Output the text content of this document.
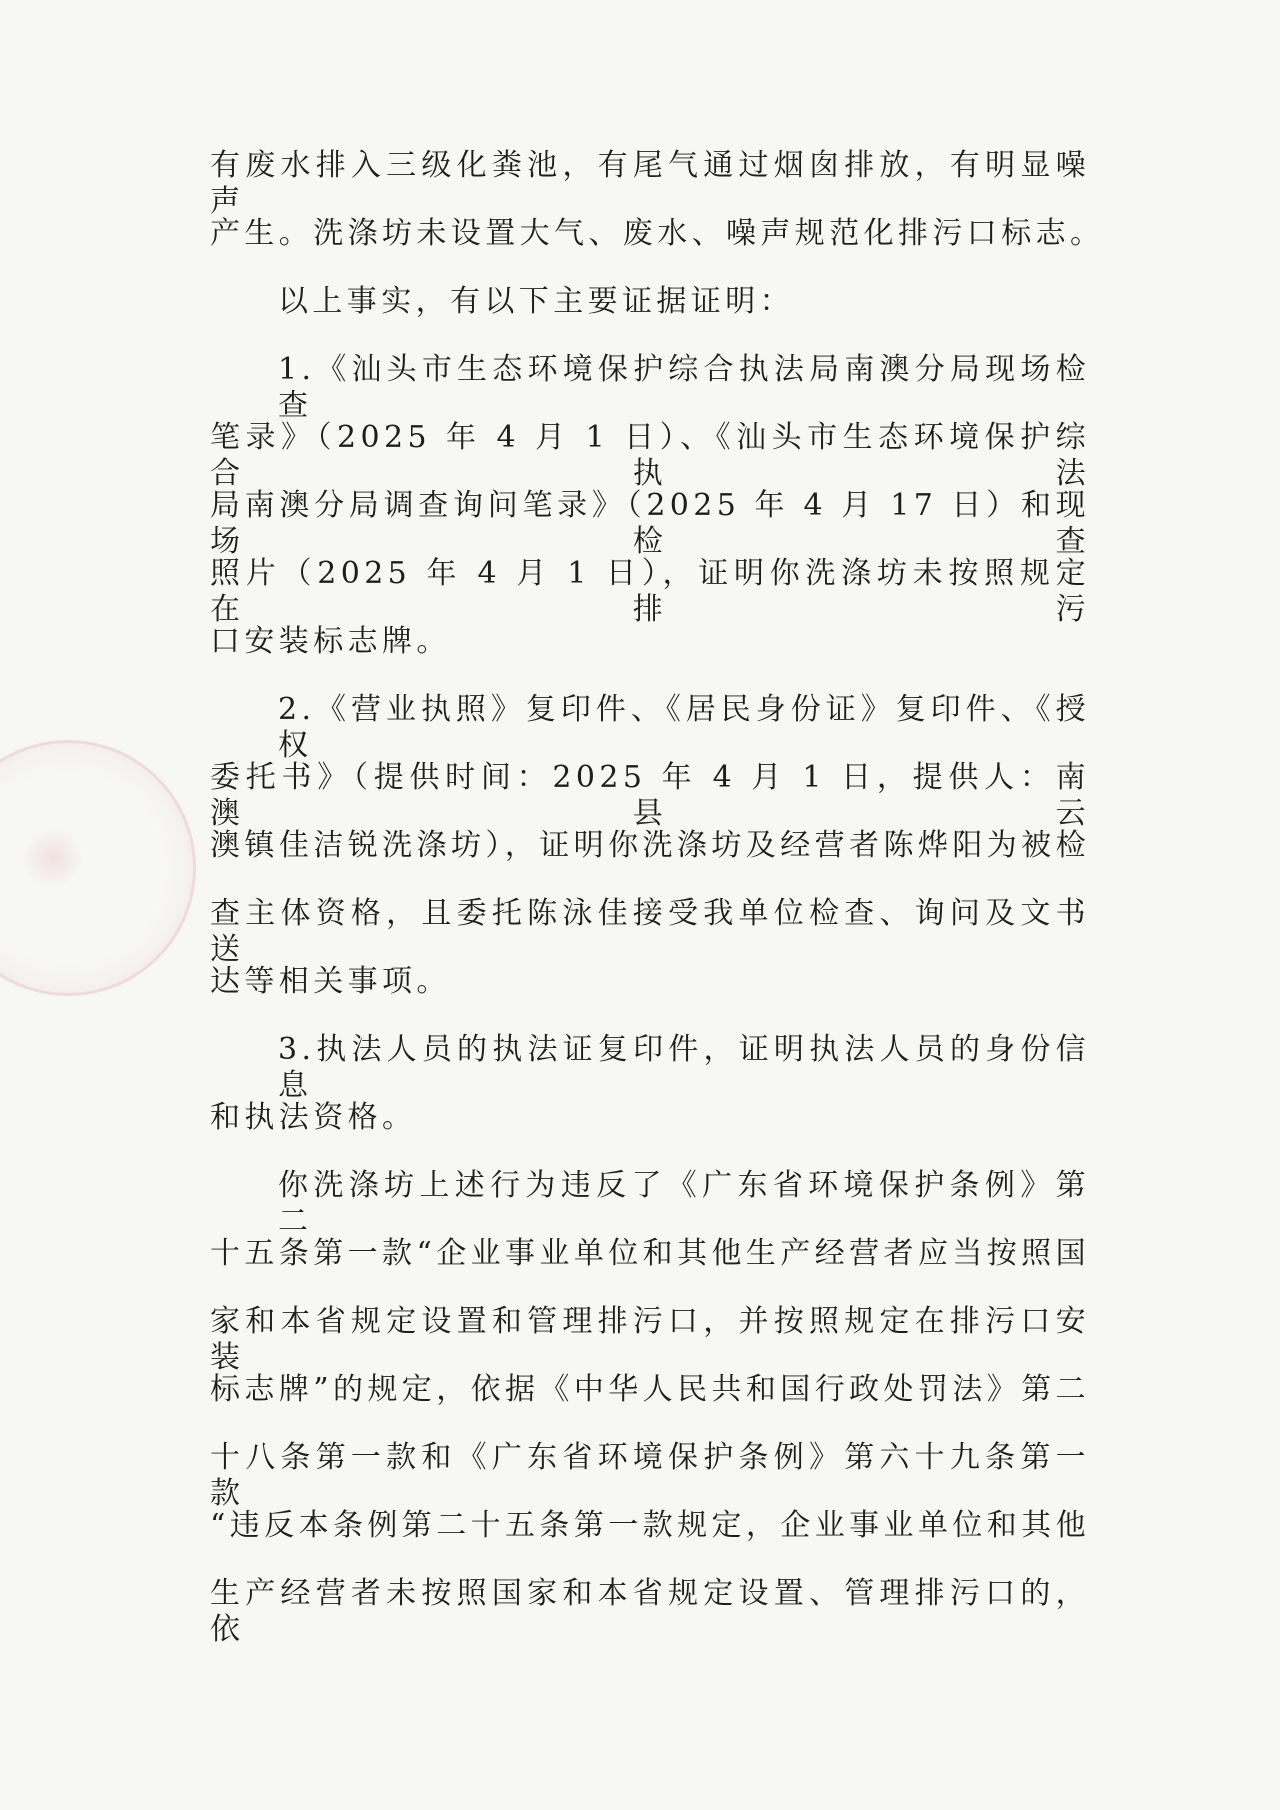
有废水排入三级化粪池，有尾气通过烟囱排放，有明显噪声
产生。洗涤坊未设置大气、废水、噪声规范化排污口标志。
以上事实，有以下主要证据证明：
1.《汕头市生态环境保护综合执法局南澳分局现场检查
笔录》（2025 年 4 月 1 日）、《汕头市生态环境保护综合执法
局南澳分局调查询问笔录》（2025 年 4 月 17 日）和现场检查
照片（2025 年 4 月 1 日），证明你洗涤坊未按照规定在排污
口安装标志牌。
2.《营业执照》复印件、《居民身份证》复印件、《授权
委托书》（提供时间：2025 年 4 月 1 日，提供人：南澳县云
澳镇佳洁锐洗涤坊），证明你洗涤坊及经营者陈烨阳为被检
查主体资格，且委托陈泳佳接受我单位检查、询问及文书送
达等相关事项。
3.执法人员的执法证复印件，证明执法人员的身份信息
和执法资格。
你洗涤坊上述行为违反了《广东省环境保护条例》第二
十五条第一款“企业事业单位和其他生产经营者应当按照国
家和本省规定设置和管理排污口，并按照规定在排污口安装
标志牌”的规定，依据《中华人民共和国行政处罚法》第二
十八条第一款和《广东省环境保护条例》第六十九条第一款
“违反本条例第二十五条第一款规定，企业事业单位和其他
生产经营者未按照国家和本省规定设置、管理排污口的，依
